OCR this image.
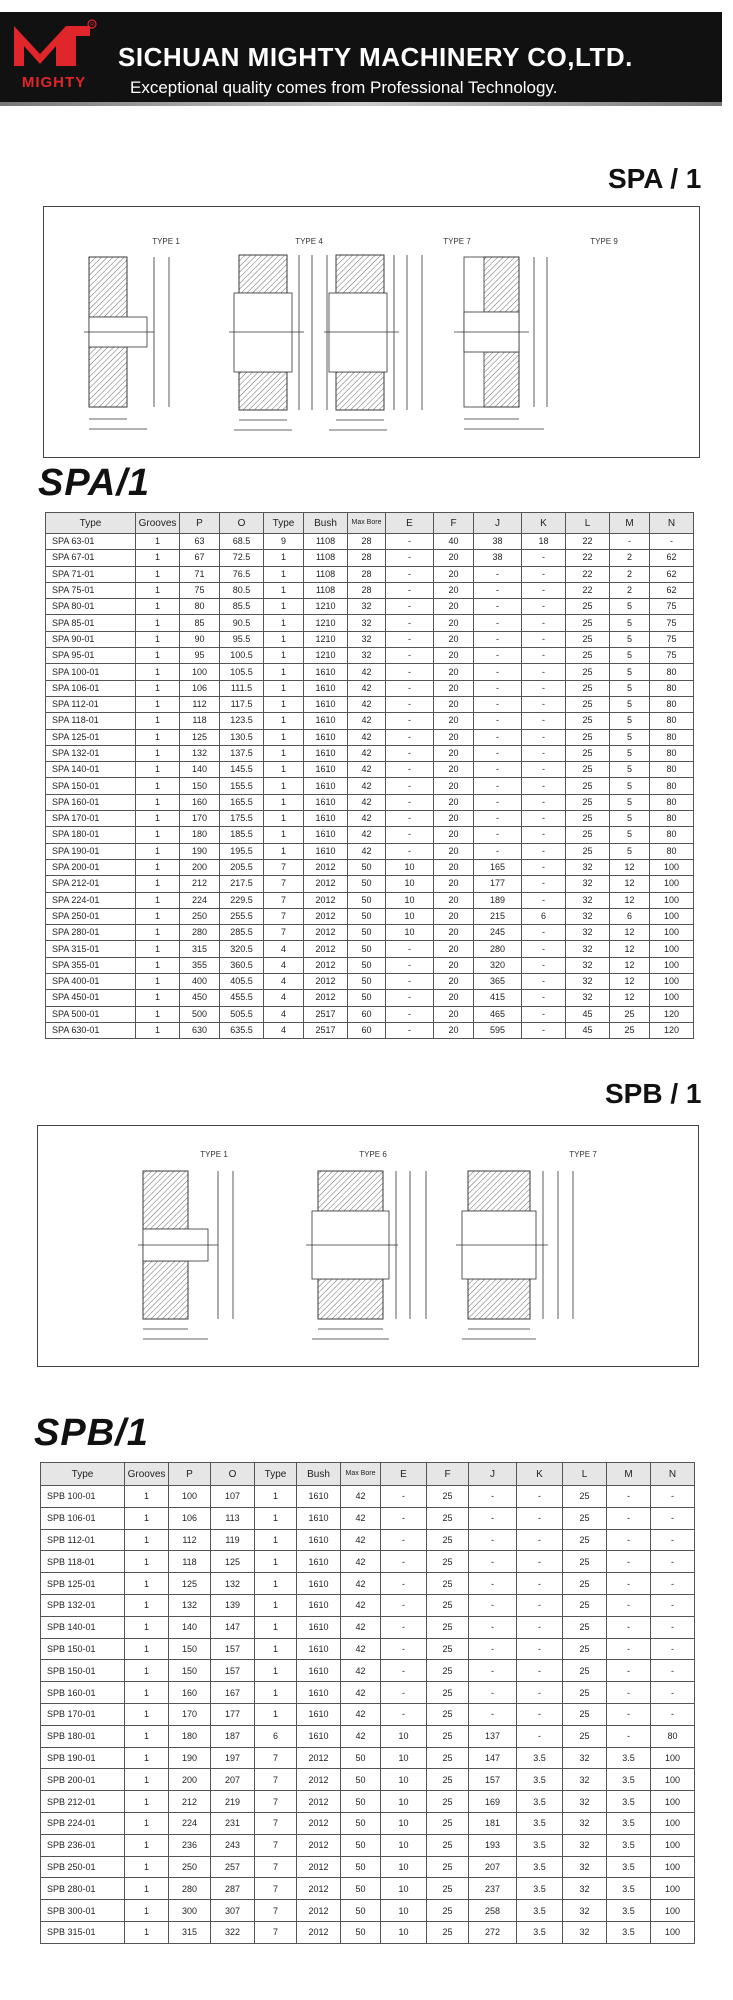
R
MIGHTY
SICHUAN MIGHTY MACHINERY CO,LTD.
Exceptional quality comes from Professional Technology.
SPA / 1
TYPE 1	TYPE 4	TYPE 7	TYPE 9
SPA/1
Type	Grooves	P	O	Type	Bush	Max Bore	E	F	J	K	L	M	N
SPA 63-01	1	63	68.5	9	1108	28	-	40	38	18	22	-	-
SPA 67-01	1	67	72.5	1	1108	28	-	20	38	-	22	2	62
SPA 71-01	1	71	76.5	1	1108	28	-	20	-	-	22	2	62
SPA 75-01	1	75	80.5	1	1108	28	-	20	-	-	22	2	62
SPA 80-01	1	80	85.5	1	1210	32	-	20	-	-	25	5	75
SPA 85-01	1	85	90.5	1	1210	32	-	20	-	-	25	5	75
SPA 90-01	1	90	95.5	1	1210	32	-	20	-	-	25	5	75
SPA 95-01	1	95	100.5	1	1210	32	-	20	-	-	25	5	75
SPA 100-01	1	100	105.5	1	1610	42	-	20	-	-	25	5	80
SPA 106-01	1	106	111.5	1	1610	42	-	20	-	-	25	5	80
SPA 112-01	1	112	117.5	1	1610	42	-	20	-	-	25	5	80
SPA 118-01	1	118	123.5	1	1610	42	-	20	-	-	25	5	80
SPA 125-01	1	125	130.5	1	1610	42	-	20	-	-	25	5	80
SPA 132-01	1	132	137.5	1	1610	42	-	20	-	-	25	5	80
SPA 140-01	1	140	145.5	1	1610	42	-	20	-	-	25	5	80
SPA 150-01	1	150	155.5	1	1610	42	-	20	-	-	25	5	80
SPA 160-01	1	160	165.5	1	1610	42	-	20	-	-	25	5	80
SPA 170-01	1	170	175.5	1	1610	42	-	20	-	-	25	5	80
SPA 180-01	1	180	185.5	1	1610	42	-	20	-	-	25	5	80
SPA 190-01	1	190	195.5	1	1610	42	-	20	-	-	25	5	80
SPA 200-01	1	200	205.5	7	2012	50	10	20	165	-	32	12	100
SPA 212-01	1	212	217.5	7	2012	50	10	20	177	-	32	12	100
SPA 224-01	1	224	229.5	7	2012	50	10	20	189	-	32	12	100
SPA 250-01	1	250	255.5	7	2012	50	10	20	215	6	32	6	100
SPA 280-01	1	280	285.5	7	2012	50	10	20	245	-	32	12	100
SPA 315-01	1	315	320.5	4	2012	50	-	20	280	-	32	12	100
SPA 355-01	1	355	360.5	4	2012	50	-	20	320	-	32	12	100
SPA 400-01	1	400	405.5	4	2012	50	-	20	365	-	32	12	100
SPA 450-01	1	450	455.5	4	2012	50	-	20	415	-	32	12	100
SPA 500-01	1	500	505.5	4	2517	60	-	20	465	-	45	25	120
SPA 630-01	1	630	635.5	4	2517	60	-	20	595	-	45	25	120
SPB / 1
TYPE 1	TYPE 6	TYPE 7
SPB/1
Type	Grooves	P	O	Type	Bush	Max Bore	E	F	J	K	L	M	N
SPB 100-01	1	100	107	1	1610	42	-	25	-	-	25	-	-
SPB 106-01	1	106	113	1	1610	42	-	25	-	-	25	-	-
SPB 112-01	1	112	119	1	1610	42	-	25	-	-	25	-	-
SPB 118-01	1	118	125	1	1610	42	-	25	-	-	25	-	-
SPB 125-01	1	125	132	1	1610	42	-	25	-	-	25	-	-
SPB 132-01	1	132	139	1	1610	42	-	25	-	-	25	-	-
SPB 140-01	1	140	147	1	1610	42	-	25	-	-	25	-	-
SPB 150-01	1	150	157	1	1610	42	-	25	-	-	25	-	-
SPB 150-01	1	150	157	1	1610	42	-	25	-	-	25	-	-
SPB 160-01	1	160	167	1	1610	42	-	25	-	-	25	-	-
SPB 170-01	1	170	177	1	1610	42	-	25	-	-	25	-	-
SPB 180-01	1	180	187	6	1610	42	10	25	137	-	25	-	80
SPB 190-01	1	190	197	7	2012	50	10	25	147	3.5	32	3.5	100
SPB 200-01	1	200	207	7	2012	50	10	25	157	3.5	32	3.5	100
SPB 212-01	1	212	219	7	2012	50	10	25	169	3.5	32	3.5	100
SPB 224-01	1	224	231	7	2012	50	10	25	181	3.5	32	3.5	100
SPB 236-01	1	236	243	7	2012	50	10	25	193	3.5	32	3.5	100
SPB 250-01	1	250	257	7	2012	50	10	25	207	3.5	32	3.5	100
SPB 280-01	1	280	287	7	2012	50	10	25	237	3.5	32	3.5	100
SPB 300-01	1	300	307	7	2012	50	10	25	258	3.5	32	3.5	100
SPB 315-01	1	315	322	7	2012	50	10	25	272	3.5	32	3.5	100
